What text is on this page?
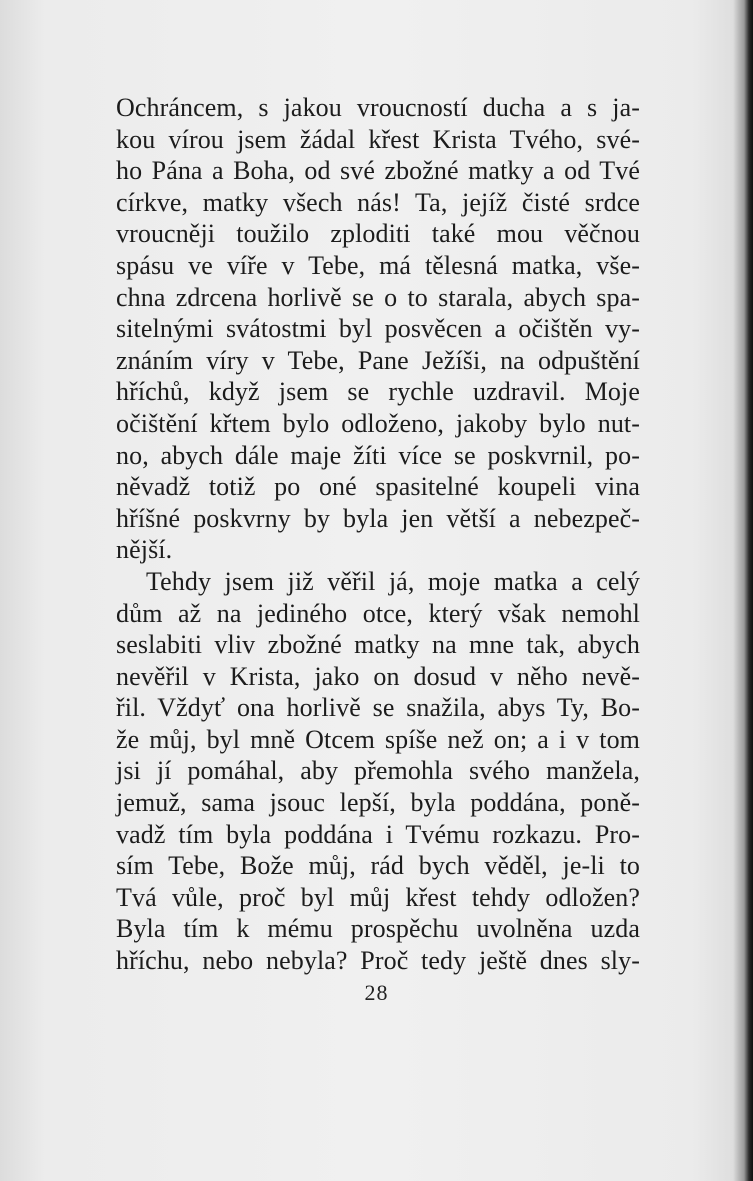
Ochráncem, s jakou vroucností ducha a s ja-
kou vírou jsem žádal křest Krista Tvého, své-
ho Pána a Boha, od své zbožné matky a od Tvé
církve, matky všech nás! Ta, jejíž čisté srdce
vroucněji toužilo zploditi také mou věčnou
spásu ve víře v Tebe, má tělesná matka, vše-
chna zdrcena horlivě se o to starala, abych spa-
sitelnými svátostmi byl posvěcen a očištěn vy-
znáním víry v Tebe, Pane Ježíši, na odpuštění
hříchů, když jsem se rychle uzdravil. Moje
očištění křtem bylo odloženo, jakoby bylo nut-
no, abych dále maje žíti více se poskvrnil, po-
něvadž totiž po oné spasitelné koupeli vina
hříšné poskvrny by byla jen větší a nebezpeč-
nější.
Tehdy jsem již věřil já, moje matka a celý
dům až na jediného otce, který však nemohl
seslabiti vliv zbožné matky na mne tak, abych
nevěřil v Krista, jako on dosud v něho nevě-
řil. Vždyť ona horlivě se snažila, abys Ty, Bo-
že můj, byl mně Otcem spíše než on; a i v tom
jsi jí pomáhal, aby přemohla svého manžela,
jemuž, sama jsouc lepší, byla poddána, poně-
vadž tím byla poddána i Tvému rozkazu. Pro-
sím Tebe, Bože můj, rád bych věděl, je-li to
Tvá vůle, proč byl můj křest tehdy odložen?
Byla tím k mému prospěchu uvolněna uzda
hříchu, nebo nebyla? Proč tedy ještě dnes sly-
28
